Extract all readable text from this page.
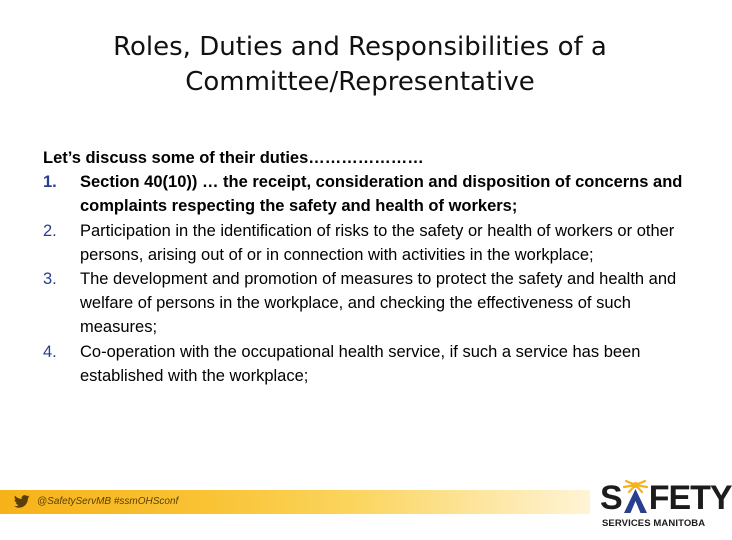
Roles, Duties and Responsibilities of a
Committee/Representative
Let’s discuss some of their duties…………………
1. Section 40(10)) … the receipt, consideration and disposition of concerns and complaints respecting the safety and health of workers;
2. Participation in the identification of risks to the safety or health of workers or other persons, arising out of or in connection with activities in the workplace;
3. The development and promotion of measures to protect the safety and health and welfare of persons in the workplace, and checking the effectiveness of such measures;
4. Co-operation with the occupational health service, if such a service has been established with the workplace;
@SafetyServMB #ssmOHSconf	S FETY
SERVICES MANITOBA
